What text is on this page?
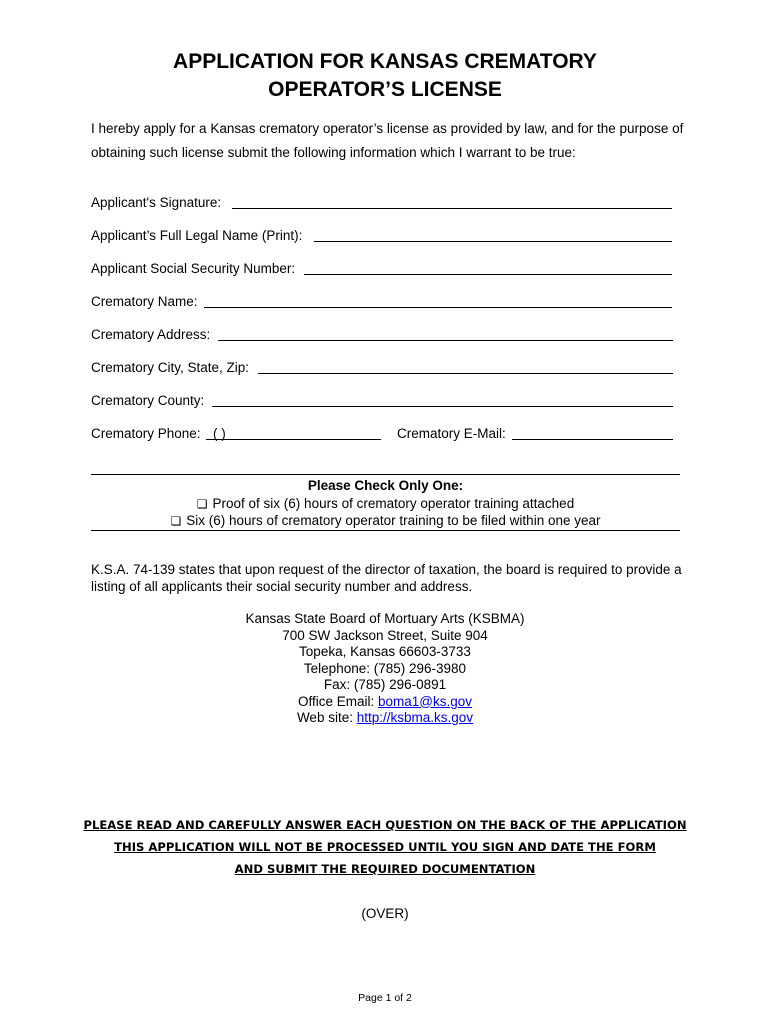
APPLICATION FOR KANSAS CREMATORY
OPERATOR’S LICENSE
I hereby apply for a Kansas crematory operator’s license as provided by law, and for the purpose of obtaining such license submit the following information which I warrant to be true:
Applicant's Signature:
Applicant’s Full Legal Name (Print):
Applicant Social Security Number:
Crematory Name:
Crematory Address:
Crematory City, State, Zip:
Crematory County:
Crematory Phone: ( )	Crematory E-Mail:
Please Check Only One:
❏ Proof of six (6) hours of crematory operator training attached
❏ Six (6) hours of crematory operator training to be filed within one year
K.S.A. 74-139 states that upon request of the director of taxation, the board is required to provide a listing of all applicants their social security number and address.
Kansas State Board of Mortuary Arts (KSBMA)
700 SW Jackson Street, Suite 904
Topeka, Kansas 66603-3733
Telephone: (785) 296-3980
Fax: (785) 296-0891
Office Email: boma1@ks.gov
Web site: http://ksbma.ks.gov
PLEASE READ AND CAREFULLY ANSWER EACH QUESTION ON THE BACK OF THE APPLICATION
THIS APPLICATION WILL NOT BE PROCESSED UNTIL YOU SIGN AND DATE THE FORM
AND SUBMIT THE REQUIRED DOCUMENTATION
(OVER)
Page 1 of 2
